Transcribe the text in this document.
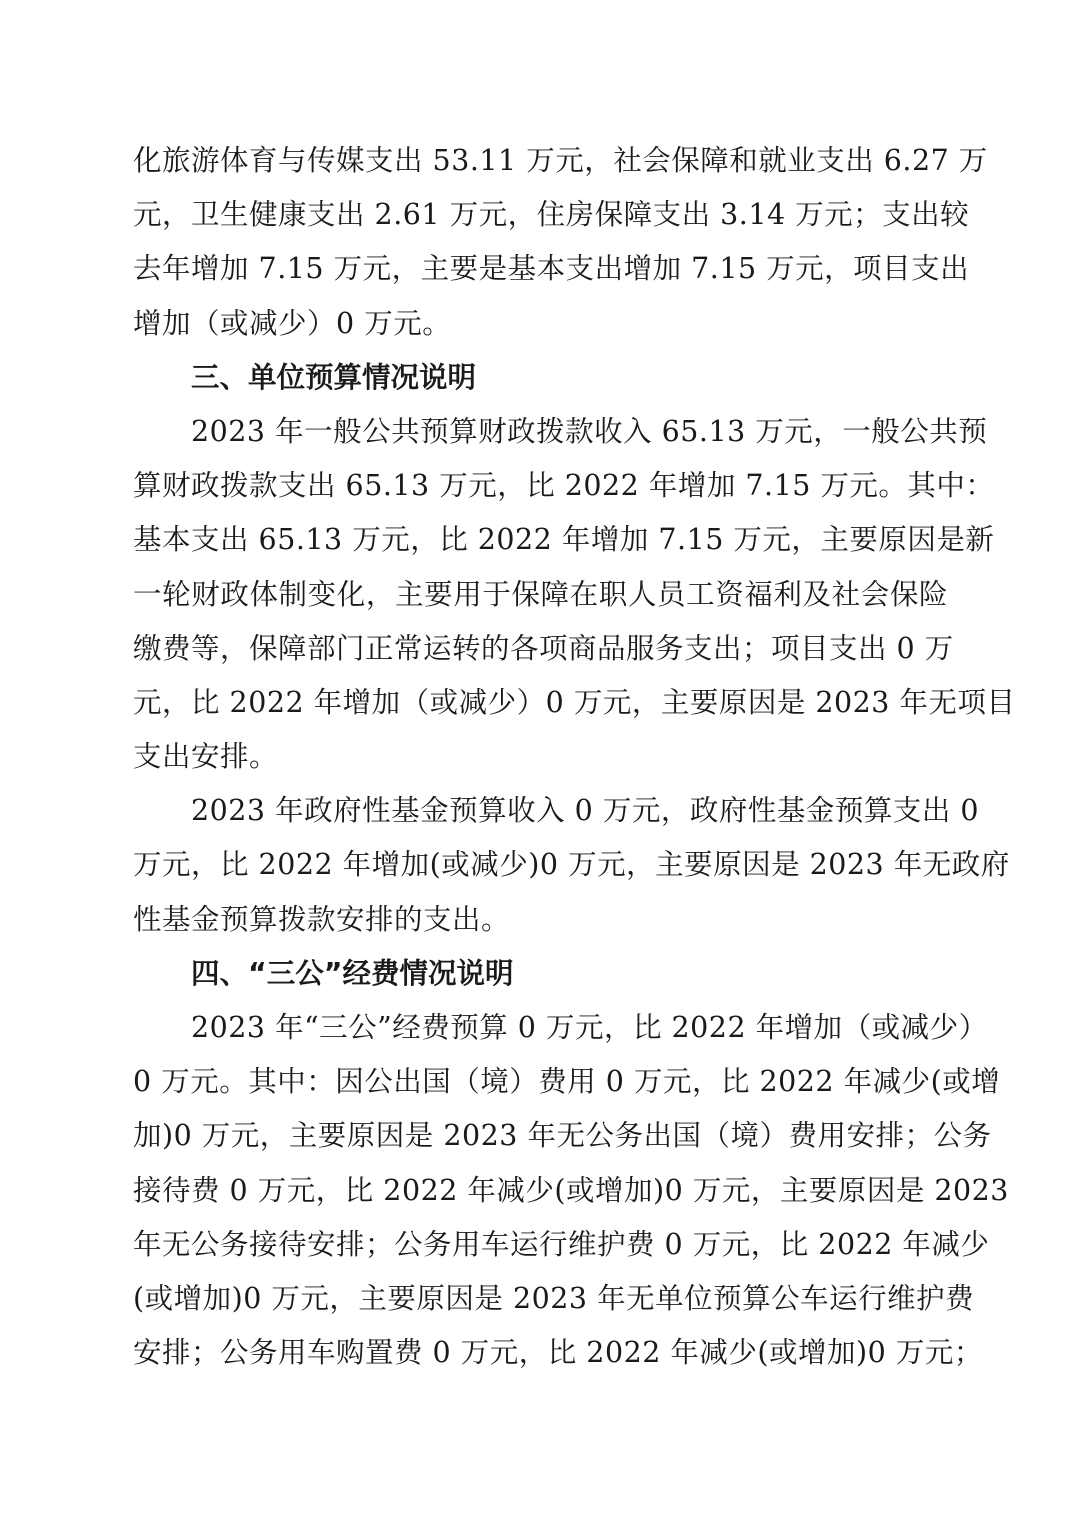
化旅游体育与传媒支出 53.11 万元，社会保障和就业支出 6.27 万
元，卫生健康支出 2.61 万元，住房保障支出 3.14 万元；支出较
去年增加 7.15 万元，主要是基本支出增加 7.15 万元，项目支出
增加（或减少）0 万元。
三、单位预算情况说明
2023 年一般公共预算财政拨款收入 65.13 万元，一般公共预
算财政拨款支出 65.13 万元，比 2022 年增加 7.15 万元。其中：
基本支出 65.13 万元，比 2022 年增加 7.15 万元，主要原因是新
一轮财政体制变化，主要用于保障在职人员工资福利及社会保险
缴费等，保障部门正常运转的各项商品服务支出；项目支出 0 万
元，比 2022 年增加（或减少）0 万元，主要原因是 2023 年无项目
支出安排。
2023 年政府性基金预算收入 0 万元，政府性基金预算支出 0
万元，比 2022 年增加(或减少)0 万元，主要原因是 2023 年无政府
性基金预算拨款安排的支出。
四、“三公”经费情况说明
2023 年“三公”经费预算 0 万元，比 2022 年增加（或减少）
0 万元。其中：因公出国（境）费用 0 万元，比 2022 年减少(或增
加)0 万元，主要原因是 2023 年无公务出国（境）费用安排；公务
接待费 0 万元，比 2022 年减少(或增加)0 万元，主要原因是 2023
年无公务接待安排；公务用车运行维护费 0 万元，比 2022 年减少
(或增加)0 万元，主要原因是 2023 年无单位预算公车运行维护费
安排；公务用车购置费 0 万元，比 2022 年减少(或增加)0 万元；
